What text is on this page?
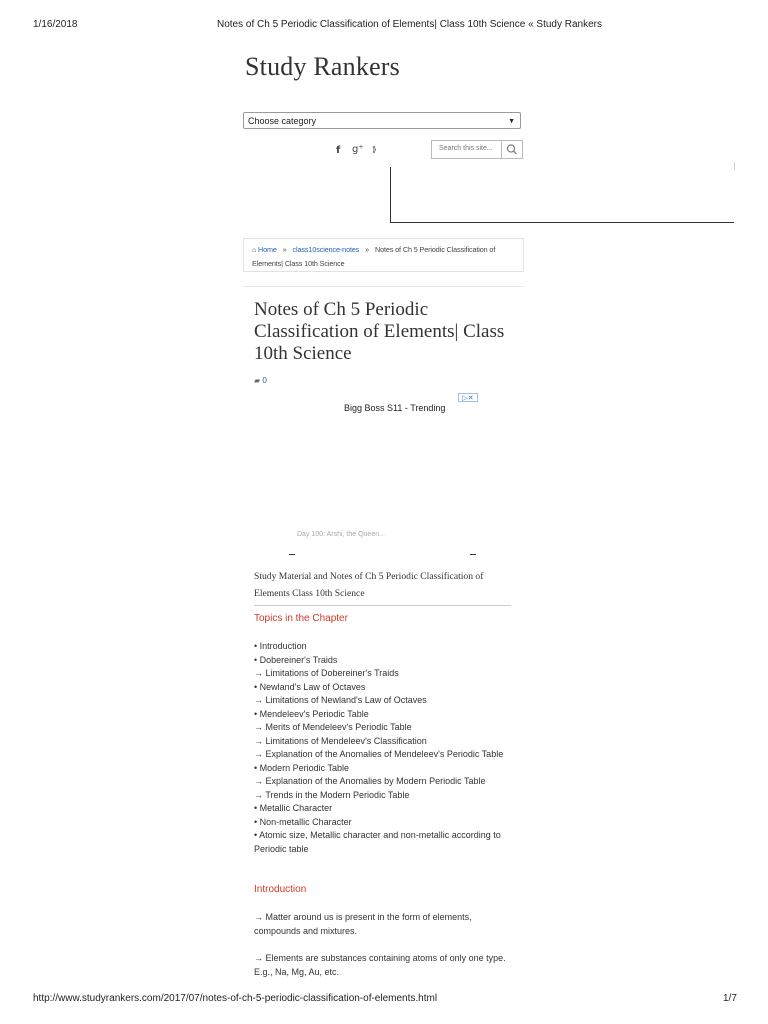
1/16/2018	Notes of Ch 5 Periodic Classification of Elements| Class 10th Science « Study Rankers
Study Rankers
Choose category	▼
f g⁺ ⟫	Search this site...
⌂ Home » class10science-notes » Notes of Ch 5 Periodic Classification of Elements| Class 10th Science
Notes of Ch 5 Periodic Classification of Elements| Class 10th Science
▰ 0
▷✕
Bigg Boss S11 - Trending
Day 100: Arshi, the Queen...
Study Material and Notes of Ch 5 Periodic Classification of Elements Class 10th Science
Topics in the Chapter
• Introduction
• Dobereiner's Traids
→ Limitations of Dobereiner's Traids
• Newland's Law of Octaves
→ Limitations of Newland's Law of Octaves
• Mendeleev's Periodic Table
→ Merits of Mendeleev's Periodic Table
→ Limitations of Mendeleev's Classification
→ Explanation of the Anomalies of Mendeleev's Periodic Table
• Modern Periodic Table
→ Explanation of the Anomalies by Modern Periodic Table
→ Trends in the Modern Periodic Table
• Metallic Character
• Non-metallic Character
• Atomic size, Metallic character and non-metallic according to Periodic table
Introduction
→ Matter around us is present in the form of elements, compounds and mixtures.
→ Elements are substances containing atoms of only one type. E.g., Na, Mg, Au, etc.
http://www.studyrankers.com/2017/07/notes-of-ch-5-periodic-classification-of-elements.html	1/7
